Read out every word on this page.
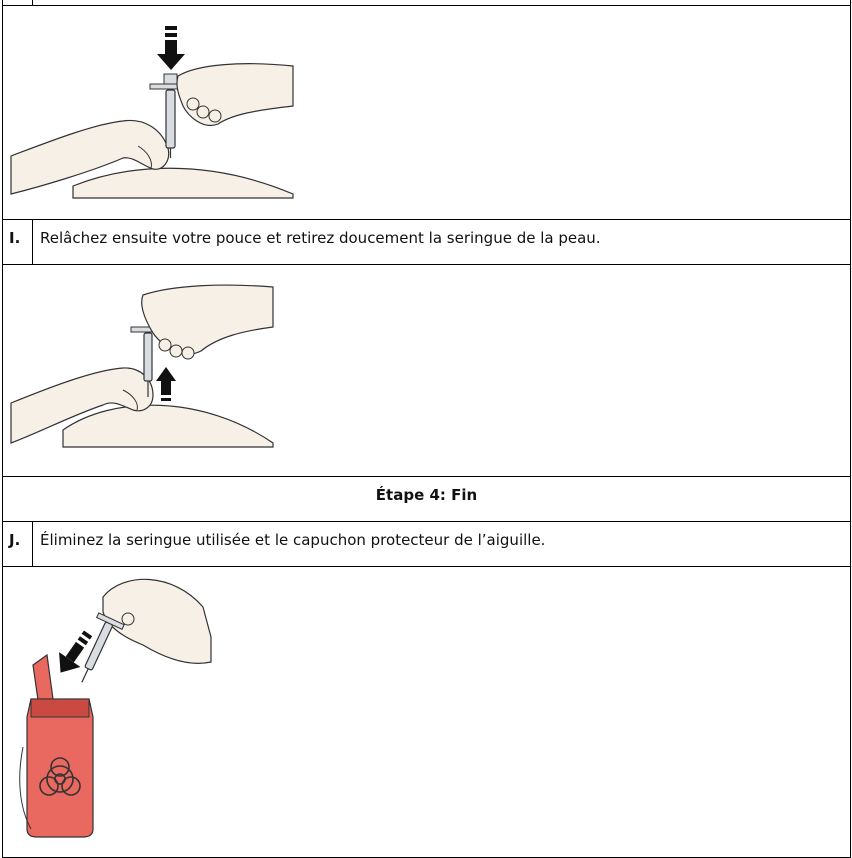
I.	Relâchez ensuite votre pouce et retirez doucement la seringue de la peau.

Étape 4: Fin	
J.	Éliminez la seringue utilisée et le capuchon protecteur de l’aiguille.
